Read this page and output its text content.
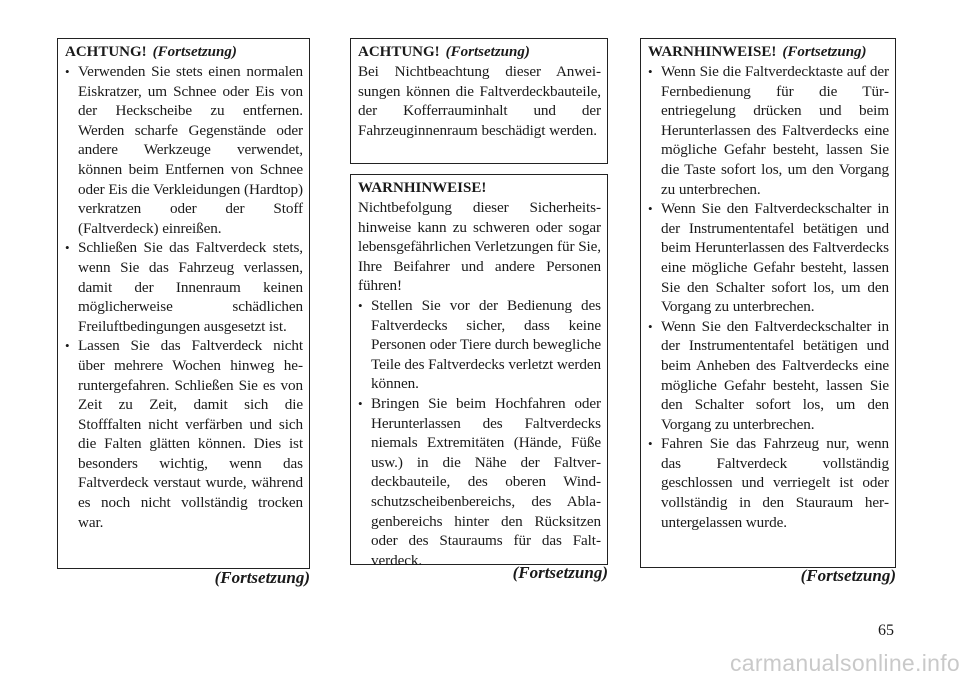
ACHTUNG! (Fortsetzung)

• Verwenden Sie stets einen normalen Eiskratzer, um Schnee oder Eis von der Heckscheibe zu entfernen. Werden scharfe Gegenstände oder andere Werkzeuge verwendet, können beim Entfernen von Schnee oder Eis die Verkleidungen (Hardtop) verkratzen oder der Stoff (Faltverdeck) einreißen.
• Schließen Sie das Faltverdeck stets, wenn Sie das Fahrzeug verlassen, damit der Innenraum keinen möglicherweise schädlichen Freiluftbedingungen ausgesetzt ist.
• Lassen Sie das Faltverdeck nicht über mehrere Wochen hinweg heruntergefahren. Schließen Sie es von Zeit zu Zeit, damit sich die Stofffalten nicht verfärben und sich die Falten glätten können. Dies ist besonders wichtig, wenn das Faltverdeck verstaut wurde, während es noch nicht vollständig trocken war.
(Fortsetzung)

ACHTUNG! (Fortsetzung)

Bei Nichtbeachtung dieser Anweisungen können die Faltverdeckbauteile, der Kofferrauminhalt und der Fahrzeuginnenraum beschädigt werden.

WARNHINWEISE!

Nichtbefolgung dieser Sicherheitshinweise kann zu schweren oder sogar lebensgefährlichen Verletzungen für Sie, Ihre Beifahrer und andere Personen führen!

• Stellen Sie vor der Bedienung des Faltverdecks sicher, dass keine Personen oder Tiere durch bewegliche Teile des Faltverdecks verletzt werden können.
• Bringen Sie beim Hochfahren oder Herunterlassen des Faltverdecks niemals Extremitäten (Hände, Füße usw.) in die Nähe der Faltverdeckbauteile, des oberen Windschutzscheibenbereichs, des Ablagenbereichs hinter den Rücksitzen oder des Stauraums für das Faltverdeck.
(Fortsetzung)

WARNHINWEISE! (Fortsetzung)

• Wenn Sie die Faltverdecktaste auf der Fernbedienung für die Türentriegelung drücken und beim Herunterlassen des Faltverdecks eine mögliche Gefahr besteht, lassen Sie die Taste sofort los, um den Vorgang zu unterbrechen.
• Wenn Sie den Faltverdeckschalter in der Instrumententafel betätigen und beim Herunterlassen des Faltverdecks eine mögliche Gefahr besteht, lassen Sie den Schalter sofort los, um den Vorgang zu unterbrechen.
• Wenn Sie den Faltverdeckschalter in der Instrumententafel betätigen und beim Anheben des Faltverdecks eine mögliche Gefahr besteht, lassen Sie den Schalter sofort los, um den Vorgang zu unterbrechen.
• Fahren Sie das Fahrzeug nur, wenn das Faltverdeck vollständig geschlossen und verriegelt ist oder vollständig in den Stauraum heruntergelassen wurde.
(Fortsetzung)
65
carmanualsonline.info
